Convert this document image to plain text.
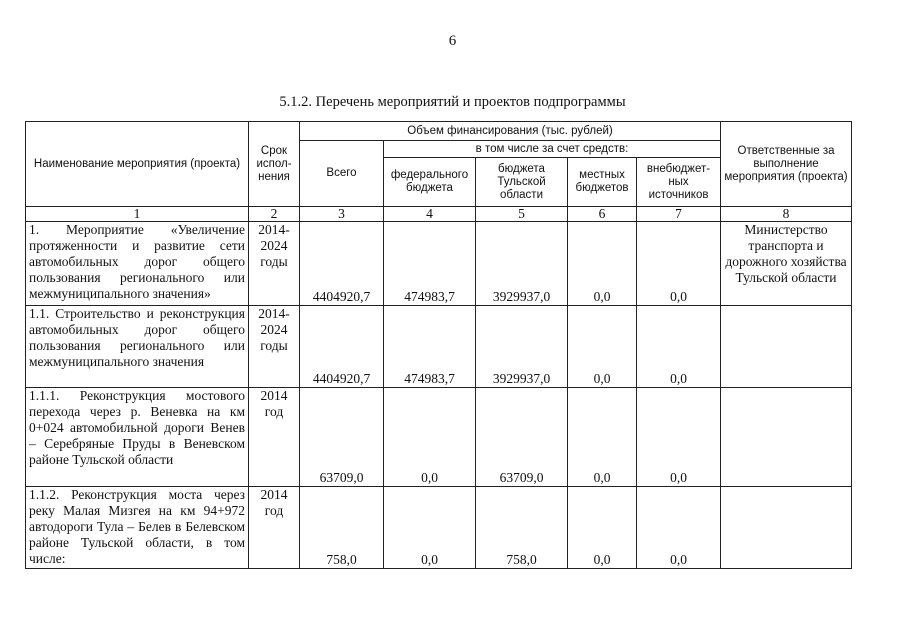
6
5.1.2. Перечень мероприятий и проектов подпрограммы
Наименование мероприятия (проекта)	Срок испол-нения	Объем финансирования (тыс. рублей)					Ответственные за выполнение мероприятия (проекта)
		Всего	в том числе за счет средств:				
			федерального бюджета	бюджета Тульской области	местных бюджетов	внебюджет-ных источников	
1	2	3	4	5	6	7	8
1. Мероприятие «Увеличение протяженности и развитие сети автомобильных дорог общего пользования регионального или межмуниципального значения»	2014-2024 годы	4404920,7	474983,7	3929937,0	0,0	0,0	Министерство транспорта и дорожного хозяйства Тульской области
1.1. Строительство и реконструкция автомобильных дорог общего пользования регионального или межмуниципального значения	2014-2024 годы	4404920,7	474983,7	3929937,0	0,0	0,0	
1.1.1. Реконструкция мостового перехода через р. Веневка на км 0+024 автомобильной дороги Венев – Серебряные Пруды в Веневском районе Тульской области	2014 год	63709,0	0,0	63709,0	0,0	0,0	
1.1.2. Реконструкция моста через реку Малая Мизгея на км 94+972 автодороги Тула – Белев в Белевском районе Тульской области, в том числе:	2014 год	758,0	0,0	758,0	0,0	0,0	
